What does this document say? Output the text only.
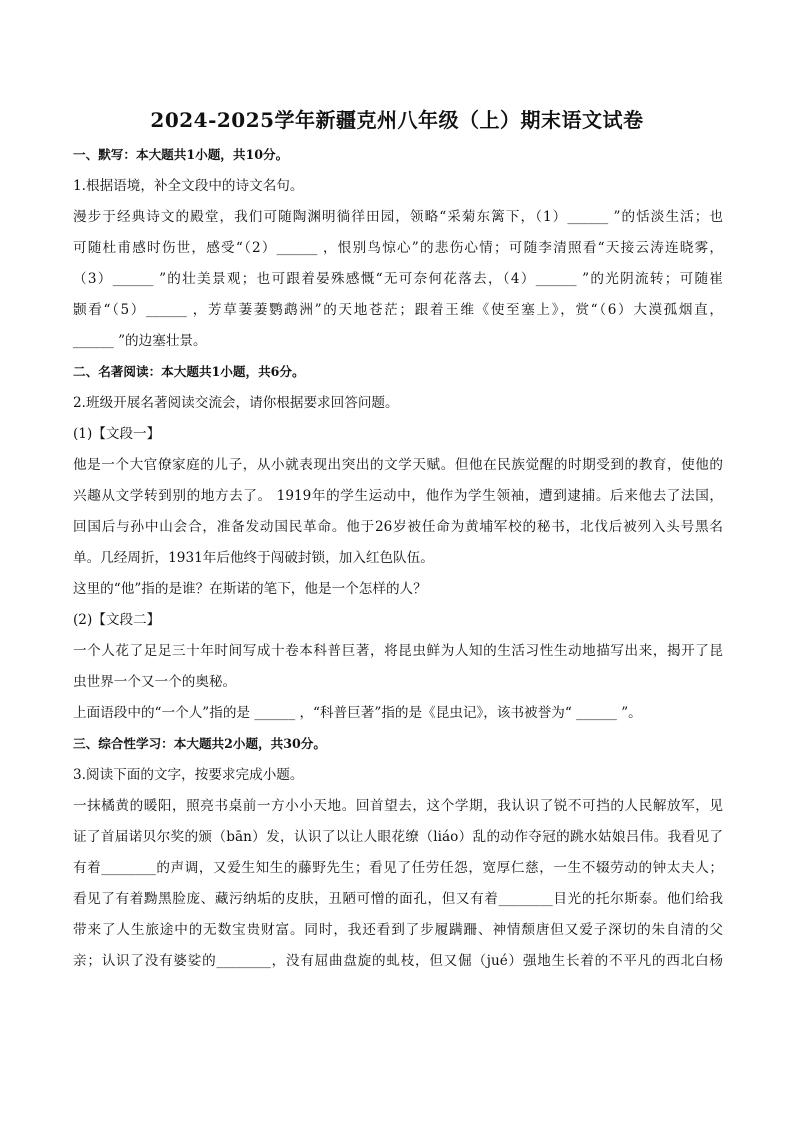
2024-2025学年新疆克州八年级（上）期末语文试卷
一、默写：本大题共1小题，共10分。
1.根据语境，补全文段中的诗文名句。
漫步于经典诗文的殿堂，我们可随陶渊明徜徉田园，领略“采菊东篱下，（1）______ ”的恬淡生活；也
可随杜甫感时伤世，感受“（2）______ ，恨别鸟惊心”的悲伤心情；可随李清照看“天接云涛连晓雾，
（3）______ ”的壮美景观；也可跟着晏殊感慨“无可奈何花落去，（4）______ ”的光阴流转；可随崔
颢看“（5）______ ，芳草萋萋鹦鹉洲”的天地苍茫；跟着王维《使至塞上》，赏“（6）大漠孤烟直，
______ ”的边塞壮景。
二、名著阅读：本大题共1小题，共6分。
2.班级开展名著阅读交流会，请你根据要求回答问题。
(1)【文段一】
他是一个大官僚家庭的儿子，从小就表现出突出的文学天赋。但他在民族觉醒的时期受到的教育，使他的
兴趣从文学转到别的地方去了。 1919年的学生运动中，他作为学生领袖，遭到逮捕。后来他去了法国，
回国后与孙中山会合，准备发动国民革命。他于26岁被任命为黄埔军校的秘书，北伐后被列入头号黑名
单。几经周折，1931年后他终于闯破封锁，加入红色队伍。
这里的“他”指的是谁？在斯诺的笔下，他是一个怎样的人？
(2)【文段二】
一个人花了足足三十年时间写成十卷本科普巨著，将昆虫鲜为人知的生活习性生动地描写出来，揭开了昆
虫世界一个又一个的奥秘。
上面语段中的“一个人”指的是 ______ ，“科普巨著”指的是《昆虫记》，该书被誉为“ ______ ”。
三、综合性学习：本大题共2小题，共30分。
3.阅读下面的文字，按要求完成小题。
一抹橘黄的暖阳，照亮书桌前一方小小天地。回首望去，这个学期，我认识了锐不可挡的人民解放军，见
证了首届诺贝尔奖的颁（bān）发，认识了以让人眼花缭（liáo）乱的动作夺冠的跳水姑娘吕伟。我看见了
有着________的声调，又爱生知生的藤野先生；看见了任劳任怨，宽厚仁慈，一生不辍劳动的钟太夫人；
看见了有着黝黑脸庞、藏污纳垢的皮肤，丑陋可憎的面孔，但又有着________目光的托尔斯泰。他们给我
带来了人生旅途中的无数宝贵财富。同时，我还看到了步履蹒跚、神情颓唐但又爱子深切的朱自清的父
亲；认识了没有婆娑的________，没有屈曲盘旋的虬枝，但又倔（jué）强地生长着的不平凡的西北白杨
